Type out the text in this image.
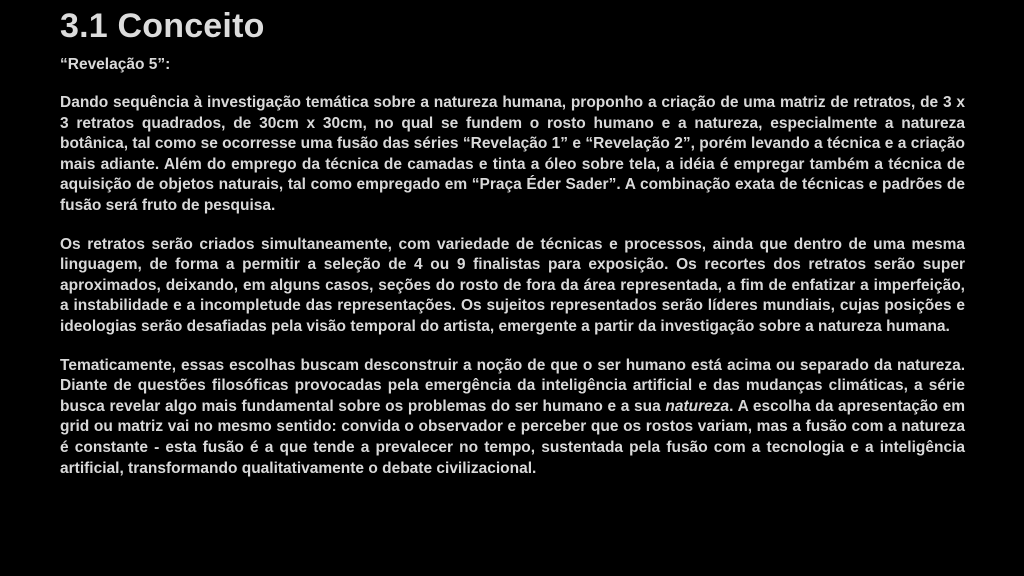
3.1 Conceito

“Revelação 5”:

Dando sequência à investigação temática sobre a natureza humana, proponho a criação de uma matriz de retratos, de 3 x 3 retratos quadrados, de 30cm x 30cm, no qual se fundem o rosto humano e a natureza, especialmente a natureza botânica, tal como se ocorresse uma fusão das séries “Revelação 1” e “Revelação 2”, porém levando a técnica e a criação mais adiante. Além do emprego da técnica de camadas e tinta a óleo sobre tela, a idéia é empregar também a técnica de aquisição de objetos naturais, tal como empregado em “Praça Éder Sader”. A combinação exata de técnicas e padrões de fusão será fruto de pesquisa.

Os retratos serão criados simultaneamente, com variedade de técnicas e processos, ainda que dentro de uma mesma linguagem, de forma a permitir a seleção de 4 ou 9 finalistas para exposição. Os recortes dos retratos serão super aproximados, deixando, em alguns casos, seções do rosto de fora da área representada, a fim de enfatizar a imperfeição, a instabilidade e a incompletude das representações. Os sujeitos representados serão líderes mundiais, cujas posições e ideologias serão desafiadas pela visão temporal do artista, emergente a partir da investigação sobre a natureza humana.

Tematicamente, essas escolhas buscam desconstruir a noção de que o ser humano está acima ou separado da natureza. Diante de questões filosóficas provocadas pela emergência da inteligência artificial e das mudanças climáticas, a série busca revelar algo mais fundamental sobre os problemas do ser humano e a sua natureza. A escolha da apresentação em grid ou matriz vai no mesmo sentido: convida o observador e perceber que os rostos variam, mas a fusão com a natureza é constante - esta fusão é a que tende a prevalecer no tempo, sustentada pela fusão com a tecnologia e a inteligência artificial, transformando qualitativamente o debate civilizacional.
